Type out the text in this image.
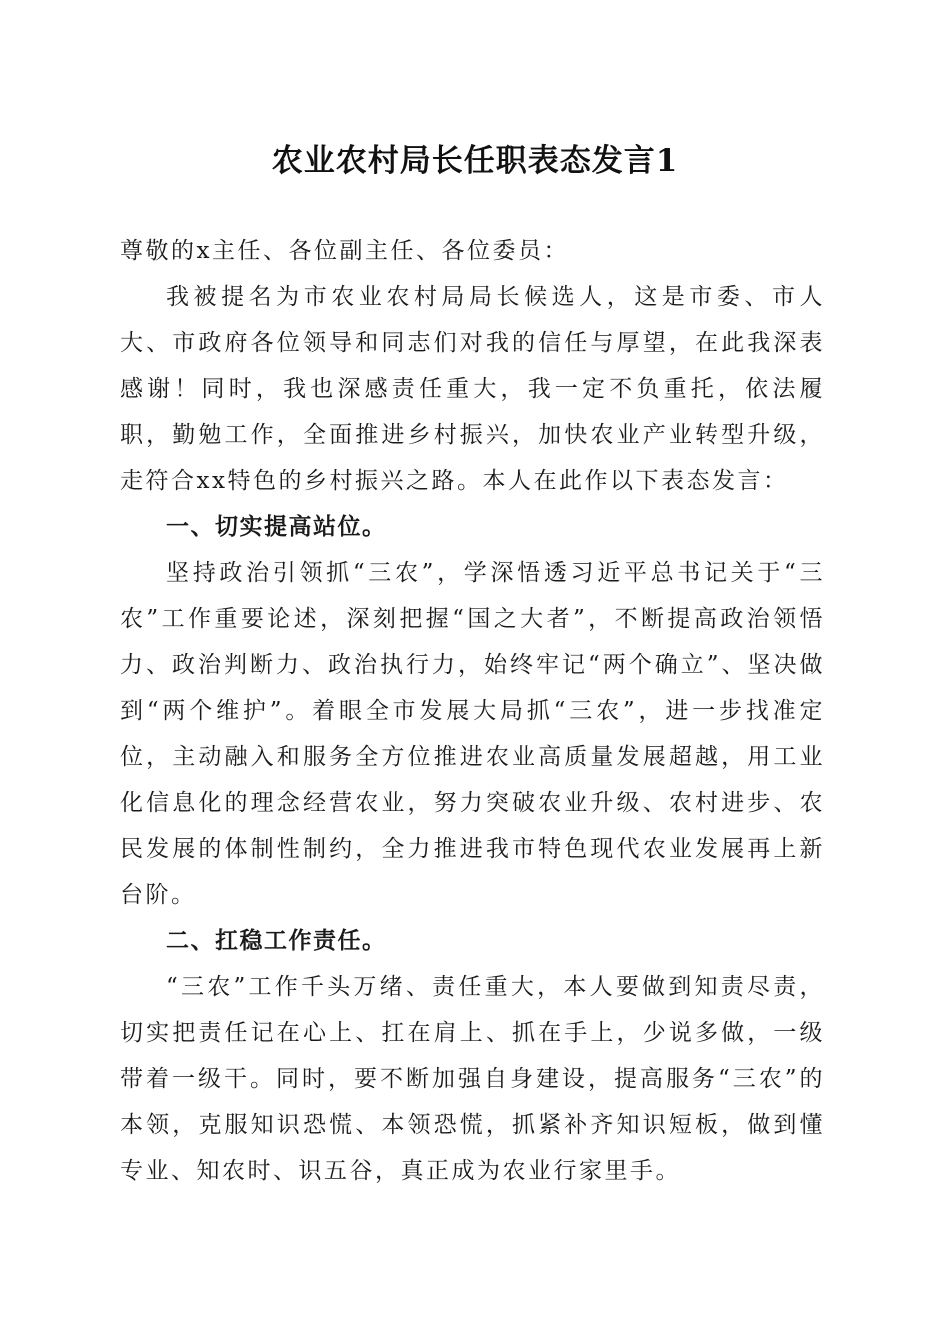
农业农村局长任职表态发言1

尊敬的x主任、各位副主任、各位委员：

我被提名为市农业农村局局长候选人，这是市委、市人大、市政府各位领导和同志们对我的信任与厚望，在此我深表感谢！同时，我也深感责任重大，我一定不负重托，依法履职，勤勉工作，全面推进乡村振兴，加快农业产业转型升级，走符合xx特色的乡村振兴之路。本人在此作以下表态发言：

一、切实提高站位。

坚持政治引领抓“三农”，学深悟透习近平总书记关于“三农”工作重要论述，深刻把握“国之大者”，不断提高政治领悟力、政治判断力、政治执行力，始终牢记“两个确立”、坚决做到“两个维护”。着眼全市发展大局抓“三农”，进一步找准定位，主动融入和服务全方位推进农业高质量发展超越，用工业化信息化的理念经营农业，努力突破农业升级、农村进步、农民发展的体制性制约，全力推进我市特色现代农业发展再上新台阶。

二、扛稳工作责任。

“三农”工作千头万绪、责任重大，本人要做到知责尽责，切实把责任记在心上、扛在肩上、抓在手上，少说多做，一级带着一级干。同时，要不断加强自身建设，提高服务“三农”的本领，克服知识恐慌、本领恐慌，抓紧补齐知识短板，做到懂专业、知农时、识五谷，真正成为农业行家里手。
